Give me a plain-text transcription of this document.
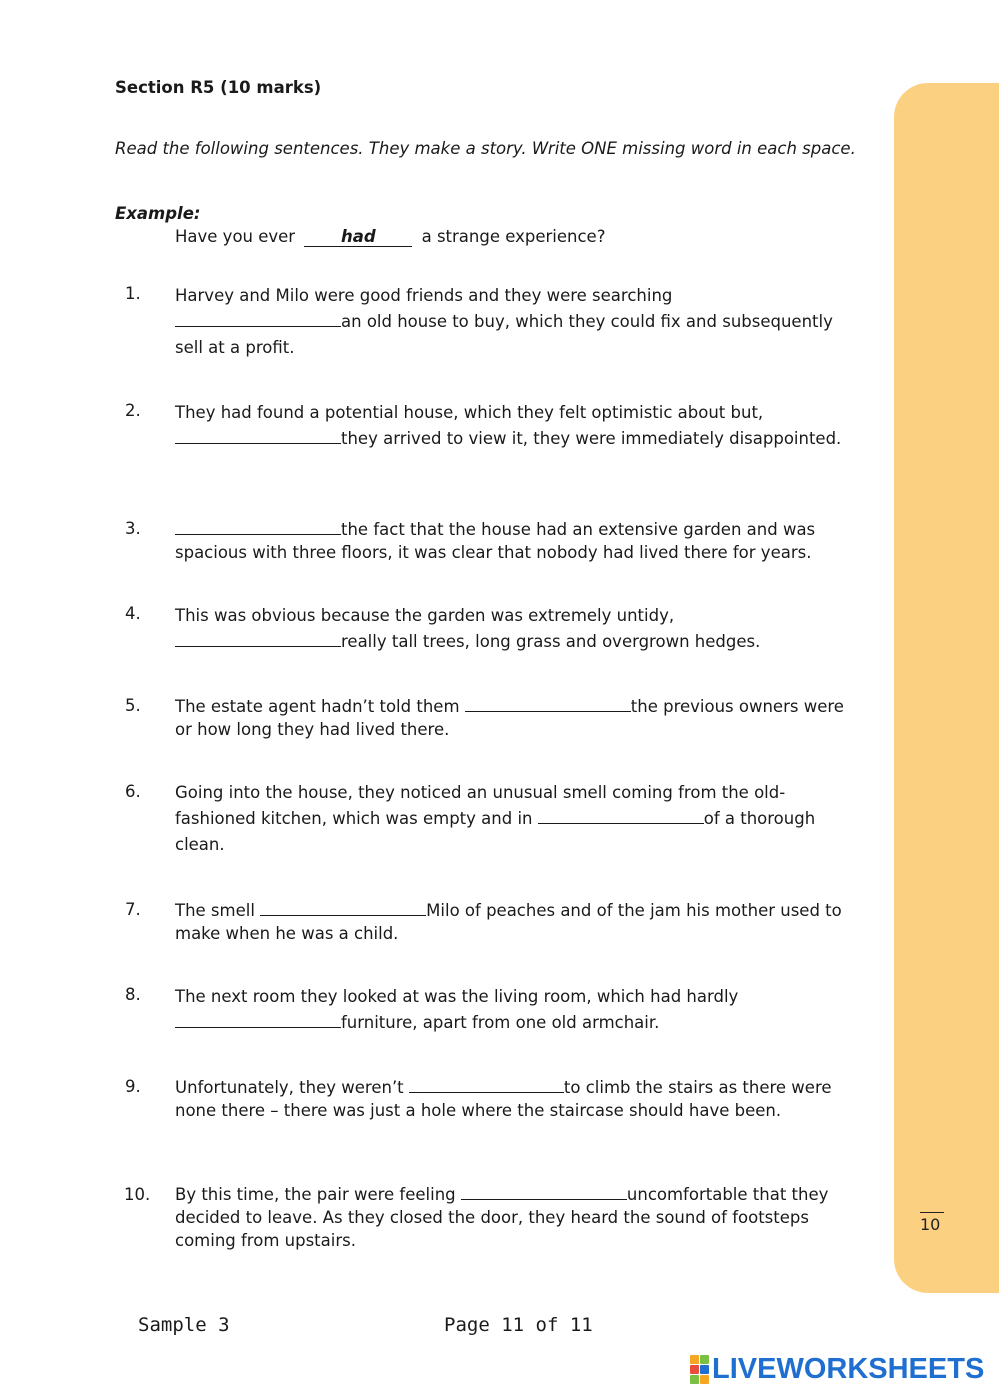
10
Section R5 (10 marks)
Read the following sentences. They make a story. Write ONE missing word in each space.
Example:
Have you ever	had	a strange experience?
1. Harvey and Milo were good friends and they were searching
an old house to buy, which they could fix and subsequently sell at a profit.
2. They had found a potential house, which they felt optimistic about but,
they arrived to view it, they were immediately disappointed.
3.	the fact that the house had an extensive garden and was spacious with three floors, it was clear that nobody had lived there for years.
4. This was obvious because the garden was extremely untidy,
really tall trees, long grass and overgrown hedges.
5. The estate agent hadn’t told them	the previous owners were or how long they had lived there.
6. Going into the house, they noticed an unusual smell coming from the old-fashioned kitchen, which was empty and in	of a thorough clean.
7. The smell	Milo of peaches and of the jam his mother used to make when he was a child.
8. The next room they looked at was the living room, which had hardly
furniture, apart from one old armchair.
9. Unfortunately, they weren’t	to climb the stairs as there were none there – there was just a hole where the staircase should have been.
10. By this time, the pair were feeling	uncomfortable that they decided to leave. As they closed the door, they heard the sound of footsteps coming from upstairs.
Sample 3	Page 11 of 11
LIVEWORKSHEETS
